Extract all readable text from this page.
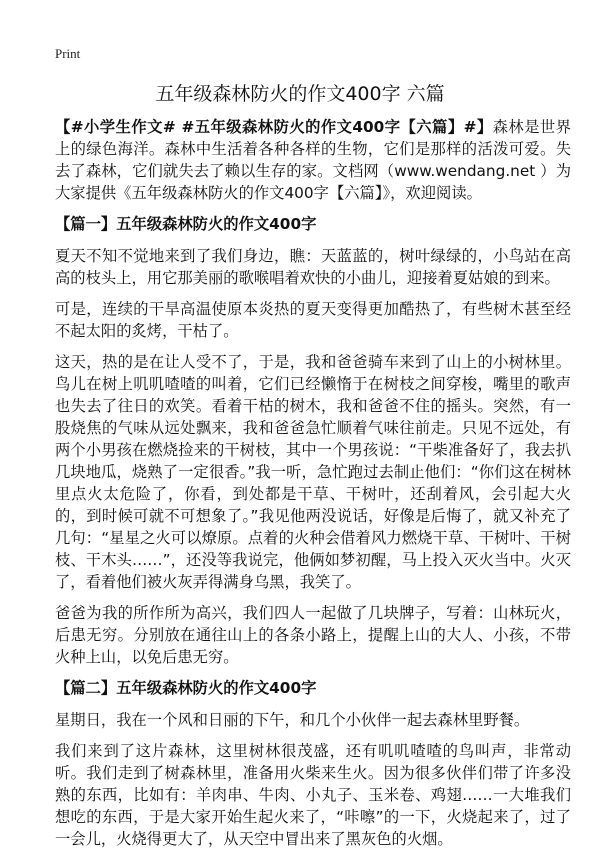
Print
五年级森林防火的作文400字 六篇

【#小学生作文# #五年级森林防火的作文400字【六篇】#】森林是世界上的绿色海洋。森林中生活着各种各样的生物，它们是那样的活泼可爱。失去了森林，它们就失去了赖以生存的家。文档网（www.wendang.net ）为大家提供《五年级森林防火的作文400字【六篇】》，欢迎阅读。

【篇一】五年级森林防火的作文400字

夏天不知不觉地来到了我们身边，瞧：天蓝蓝的，树叶绿绿的，小鸟站在高高的枝头上，用它那美丽的歌喉唱着欢快的小曲儿，迎接着夏姑娘的到来。

可是，连续的干旱高温使原本炎热的夏天变得更加酷热了，有些树木甚至经不起太阳的炙烤，干枯了。

这天，热的是在让人受不了，于是，我和爸爸骑车来到了山上的小树林里。鸟儿在树上叽叽喳喳的叫着，它们已经懒惰于在树枝之间穿梭，嘴里的歌声也失去了往日的欢笑。看着干枯的树木，我和爸爸不住的摇头。突然，有一股烧焦的气味从远处飘来，我和爸爸急忙顺着气味往前走。只见不远处，有两个小男孩在燃烧捡来的干树枝，其中一个男孩说：“干柴准备好了，我去扒几块地瓜，烧熟了一定很香。”我一听，急忙跑过去制止他们：“你们这在树林里点火太危险了，你看，到处都是干草、干树叶，还刮着风，会引起大火的，到时候可就不可想象了。”我见他两没说话，好像是后悔了，就又补充了几句：“星星之火可以燎原。点着的火种会借着风力燃烧干草、干树叶、干树枝、干木头……”，还没等我说完，他俩如梦初醒，马上投入灭火当中。火灭了，看着他们被火灰弄得满身乌黑，我笑了。

爸爸为我的所作所为高兴，我们四人一起做了几块牌子，写着：山林玩火，后患无穷。分别放在通往山上的各条小路上，提醒上山的大人、小孩，不带火种上山，以免后患无穷。

【篇二】五年级森林防火的作文400字

星期日，我在一个风和日丽的下午，和几个小伙伴一起去森林里野餐。

我们来到了这片森林，这里树林很茂盛，还有叽叽喳喳的鸟叫声，非常动听。我们走到了树森林里，准备用火柴来生火。因为很多伙伴们带了许多没熟的东西，比如有：羊肉串、牛肉、小丸子、玉米卷、鸡翅……一大堆我们想吃的东西，于是大家开始生起火来了，“咔嚓”的一下，火烧起来了，过了一会儿，火烧得更大了，从天空中冒出来了黑灰色的火烟。
